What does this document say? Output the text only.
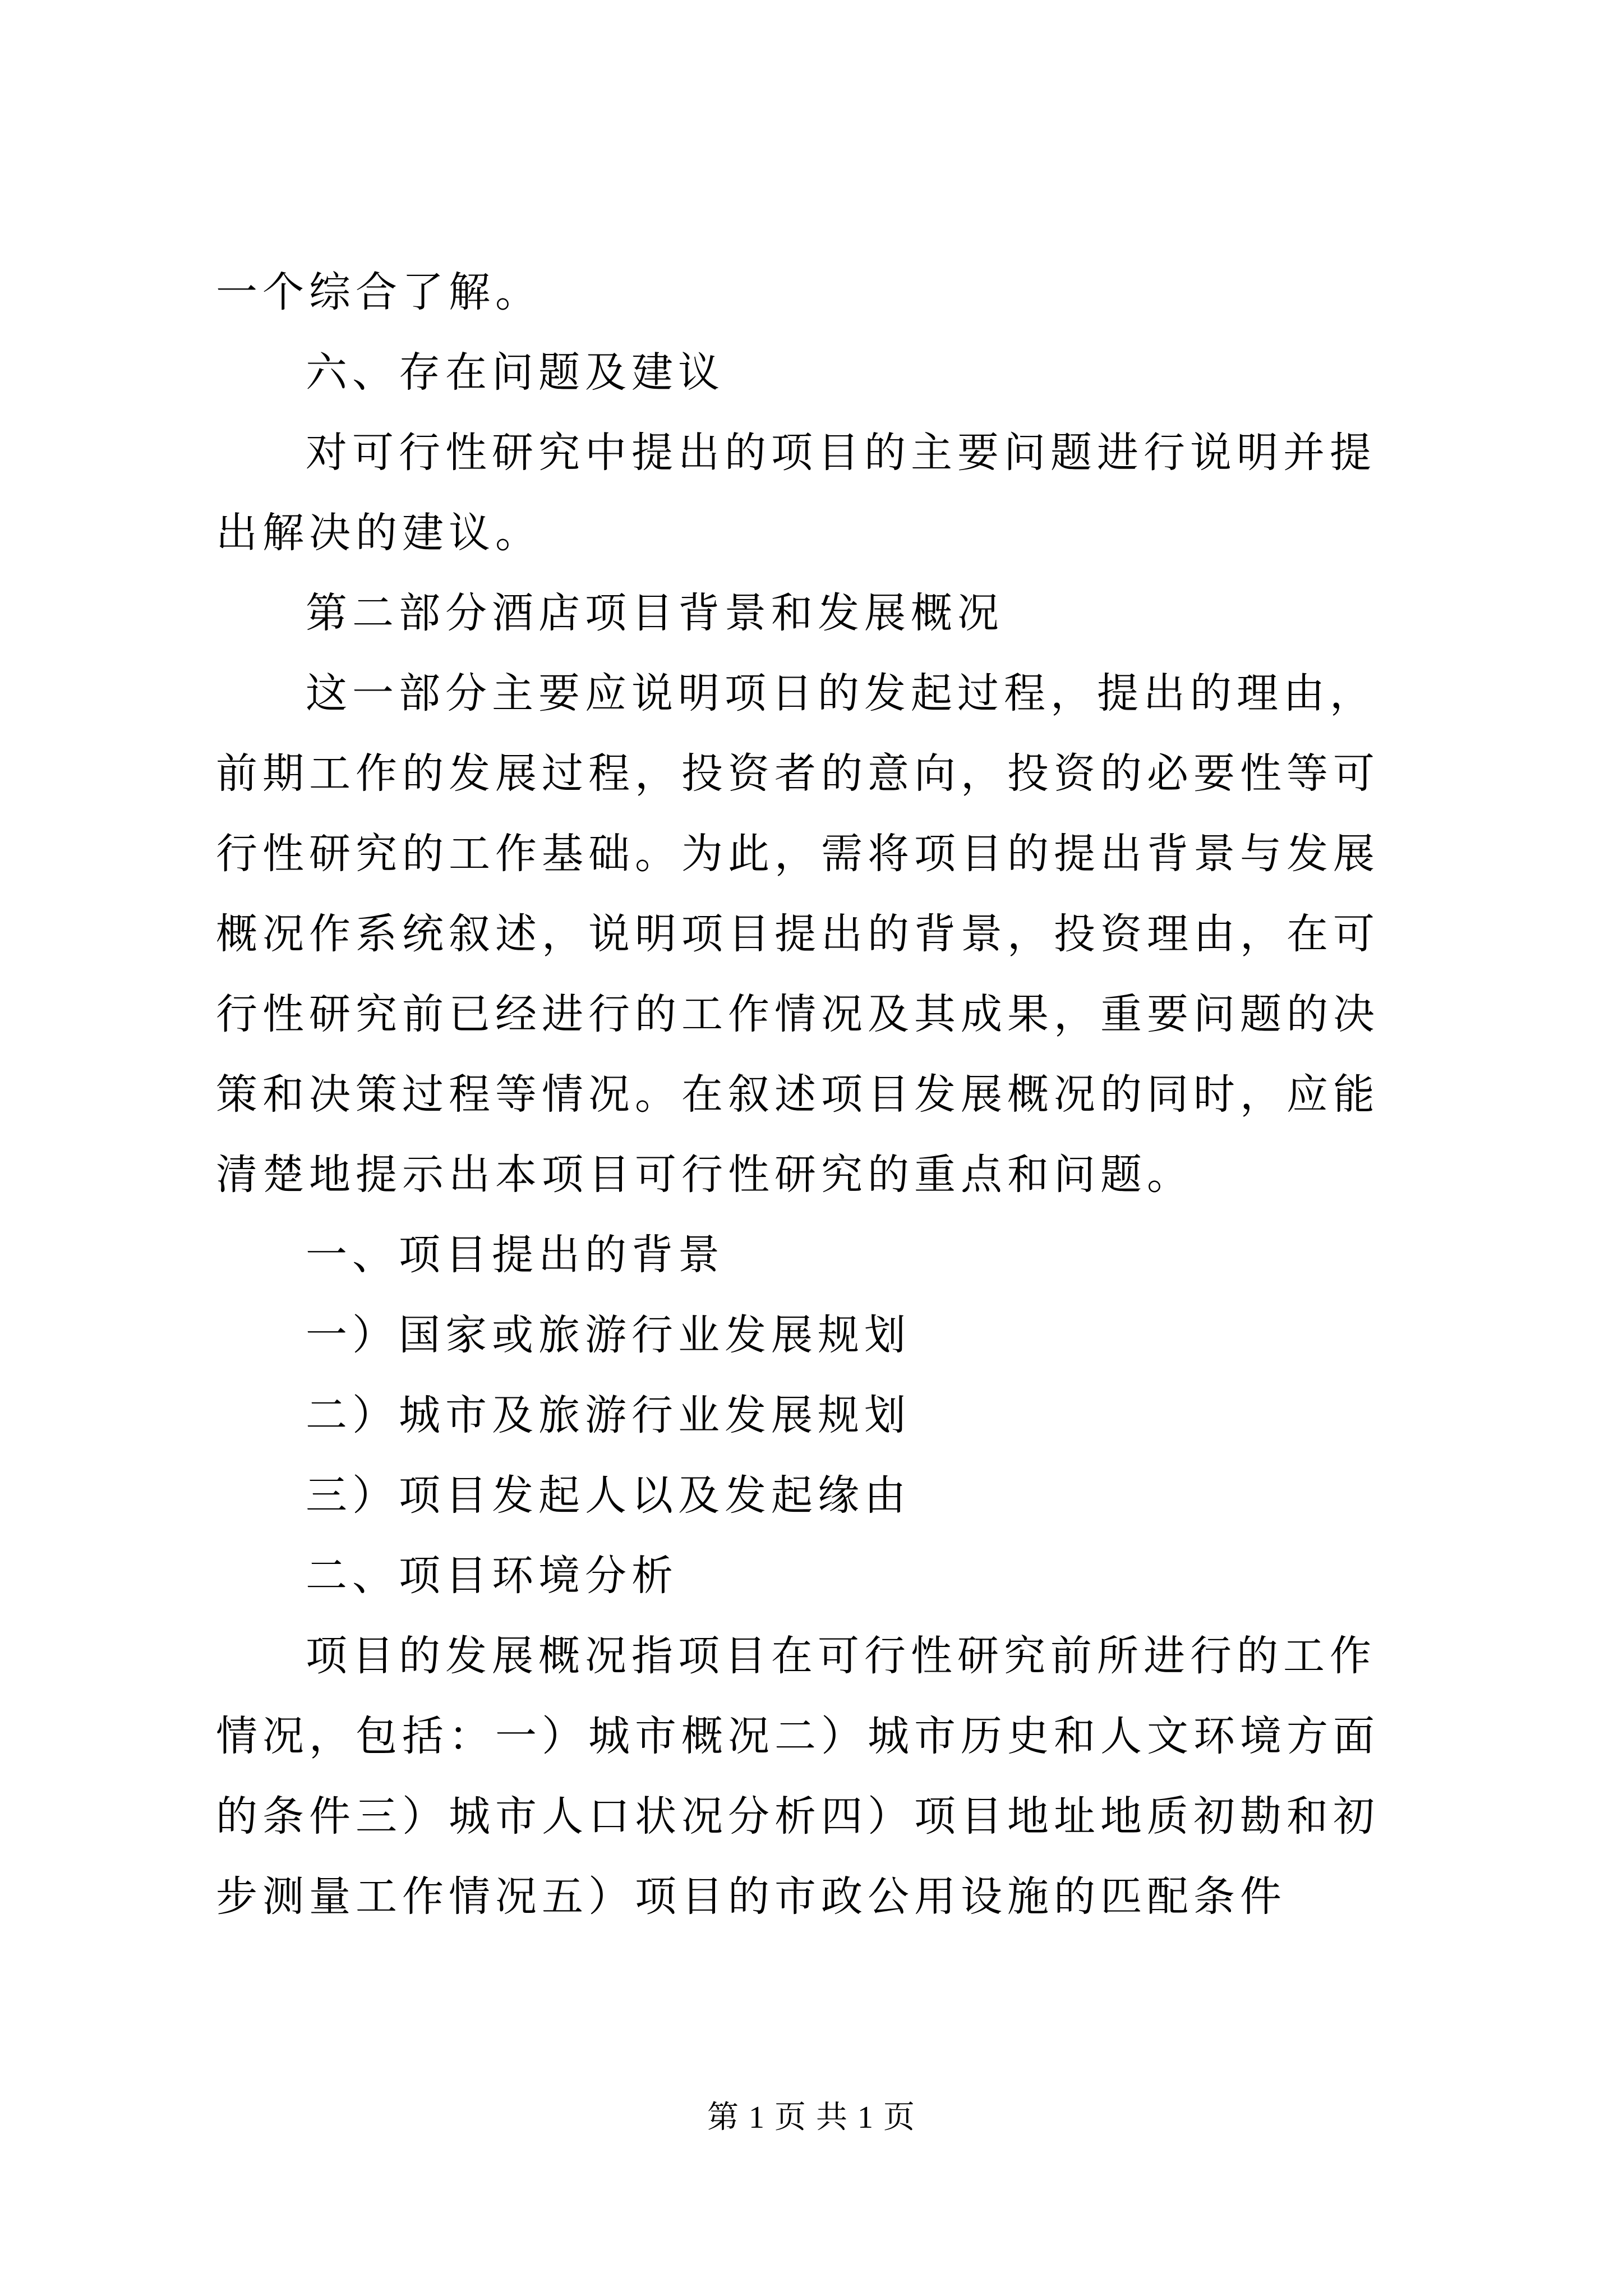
一个综合了解。

六、存在问题及建议

对可行性研究中提出的项目的主要问题进行说明并提出解决的建议。

第二部分酒店项目背景和发展概况

这一部分主要应说明项日的发起过程，提出的理由，前期工作的发展过程，投资者的意向，投资的必要性等可行性研究的工作基础。为此，需将项目的提出背景与发展概况作系统叙述，说明项目提出的背景，投资理由，在可行性研究前已经进行的工作情况及其成果，重要问题的决策和决策过程等情况。在叙述项目发展概况的同时，应能清楚地提示出本项目可行性研究的重点和问题。

一、项目提出的背景

一）国家或旅游行业发展规划

二）城市及旅游行业发展规划

三）项目发起人以及发起缘由

二、项目环境分析

项目的发展概况指项目在可行性研究前所进行的工作情况，包括：一）城市概况二）城市历史和人文环境方面的条件三）城市人口状况分析四）项目地址地质初勘和初步测量工作情况五）项目的市政公用设施的匹配条件

第 1 页 共 1 页
